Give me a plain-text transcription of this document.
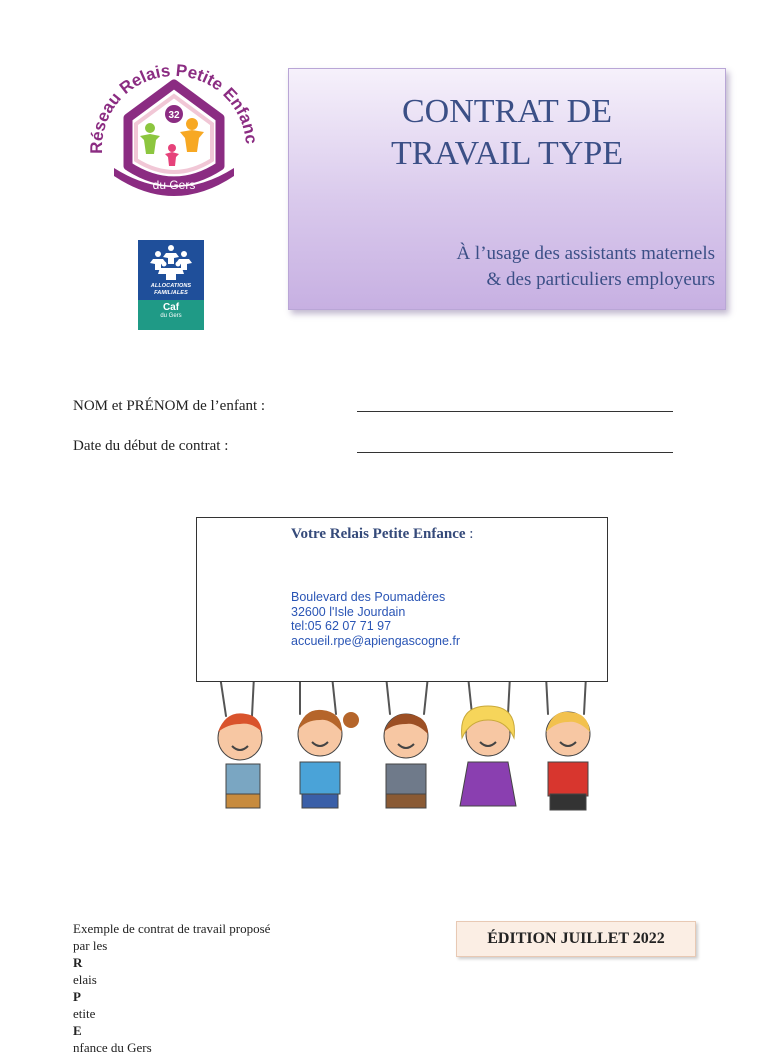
Réseau Relais Petite Enfanc
32
du Gers
ALLOCATIONS
FAMILIALES
Caf
du Gers
CONTRAT DE
TRAVAIL TYPE
À l’usage des assistants maternels
& des particuliers employeurs
NOM et PRÉNOM de l’enfant :
Date du début de contrat :
Votre Relais Petite Enfance :
Boulevard des Poumadères
32600 l'Isle Jourdain
tel:05 62 07 71 97
accueil.rpe@apiengascogne.fr
Exemple de contrat de travail proposé
par les
R
elais
P
etite
E
nfance du Gers
ÉDITION JUILLET 2022
